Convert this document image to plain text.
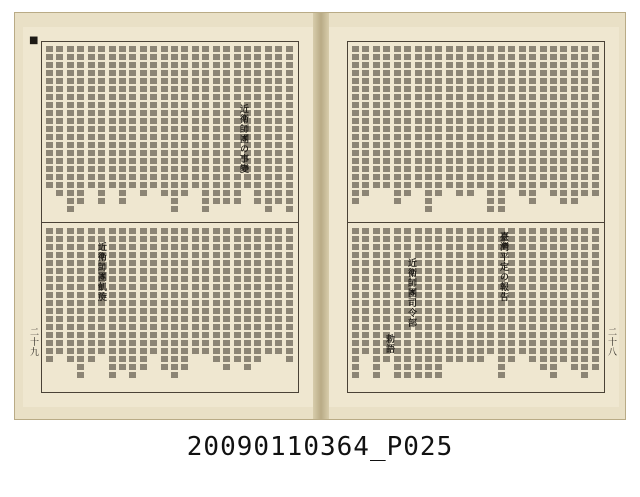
■
近衛師團の事變
近衛師團凱旋
二十九
臺灣平定の報告
近衛師團司令部
勅語	二十八
20090110364_P025
